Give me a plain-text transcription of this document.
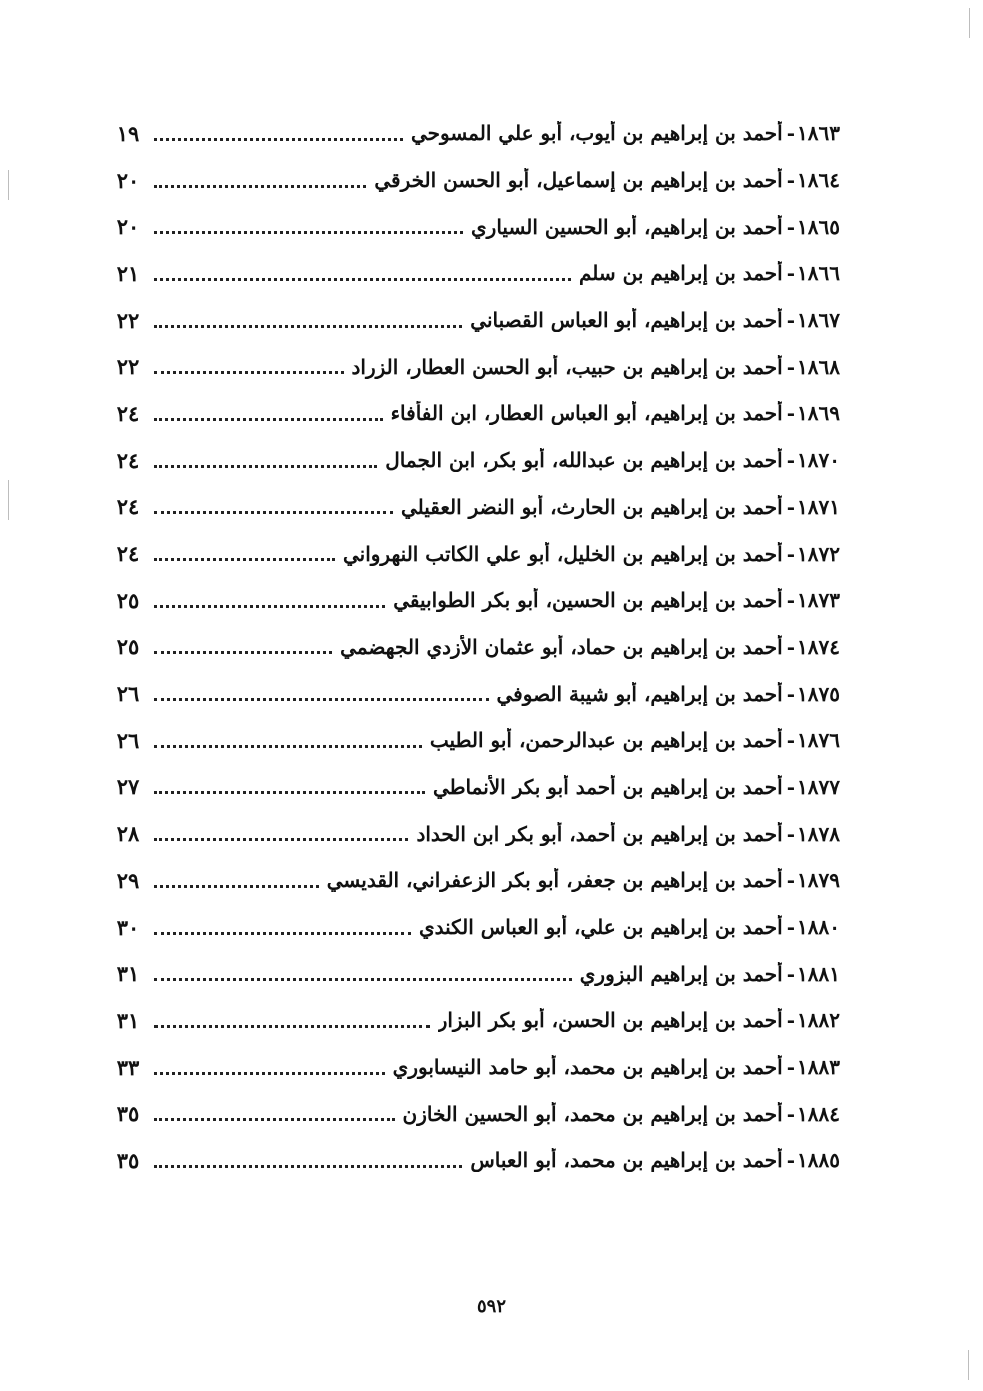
١٨٦٣
-
أحمد بن إبراهيم بن أيوب، أبو علي المسوحي
١٩
١٨٦٤
-
أحمد بن إبراهيم بن إسماعيل، أبو الحسن الخرقي
٢٠
١٨٦٥
-
أحمد بن إبراهيم، أبو الحسين السياري
٢٠
١٨٦٦
-
أحمد بن إبراهيم بن سلم
٢١
١٨٦٧
-
أحمد بن إبراهيم، أبو العباس القصباني
٢٢
١٨٦٨
-
أحمد بن إبراهيم بن حبيب، أبو الحسن العطار، الزراد
٢٢
١٨٦٩
-
أحمد بن إبراهيم، أبو العباس العطار، ابن الفأفاء
٢٤
١٨٧٠
-
أحمد بن إبراهيم بن عبدالله، أبو بكر، ابن الجمال
٢٤
١٨٧١
-
أحمد بن إبراهيم بن الحارث، أبو النضر العقيلي
٢٤
١٨٧٢
-
أحمد بن إبراهيم بن الخليل، أبو علي الكاتب النهرواني
٢٤
١٨٧٣
-
أحمد بن إبراهيم بن الحسين، أبو بكر الطوابيقي
٢٥
١٨٧٤
-
أحمد بن إبراهيم بن حماد، أبو عثمان الأزدي الجهضمي
٢٥
١٨٧٥
-
أحمد بن إبراهيم، أبو شيبة الصوفي
٢٦
١٨٧٦
-
أحمد بن إبراهيم بن عبدالرحمن، أبو الطيب
٢٦
١٨٧٧
-
أحمد بن إبراهيم بن أحمد أبو بكر الأنماطي
٢٧
١٨٧٨
-
أحمد بن إبراهيم بن أحمد، أبو بكر ابن الحداد
٢٨
١٨٧٩
-
أحمد بن إبراهيم بن جعفر، أبو بكر الزعفراني، القديسي
٢٩
١٨٨٠
-
أحمد بن إبراهيم بن علي، أبو العباس الكندي
٣٠
١٨٨١
-
أحمد بن إبراهيم البزوري
٣١
١٨٨٢
-
أحمد بن إبراهيم بن الحسن، أبو بكر البزار
٣١
١٨٨٣
-
أحمد بن إبراهيم بن محمد، أبو حامد النيسابوري
٣٣
١٨٨٤
-
أحمد بن إبراهيم بن محمد، أبو الحسين الخازن
٣٥
١٨٨٥
-
أحمد بن إبراهيم بن محمد، أبو العباس
٣٥
٥٩٢
